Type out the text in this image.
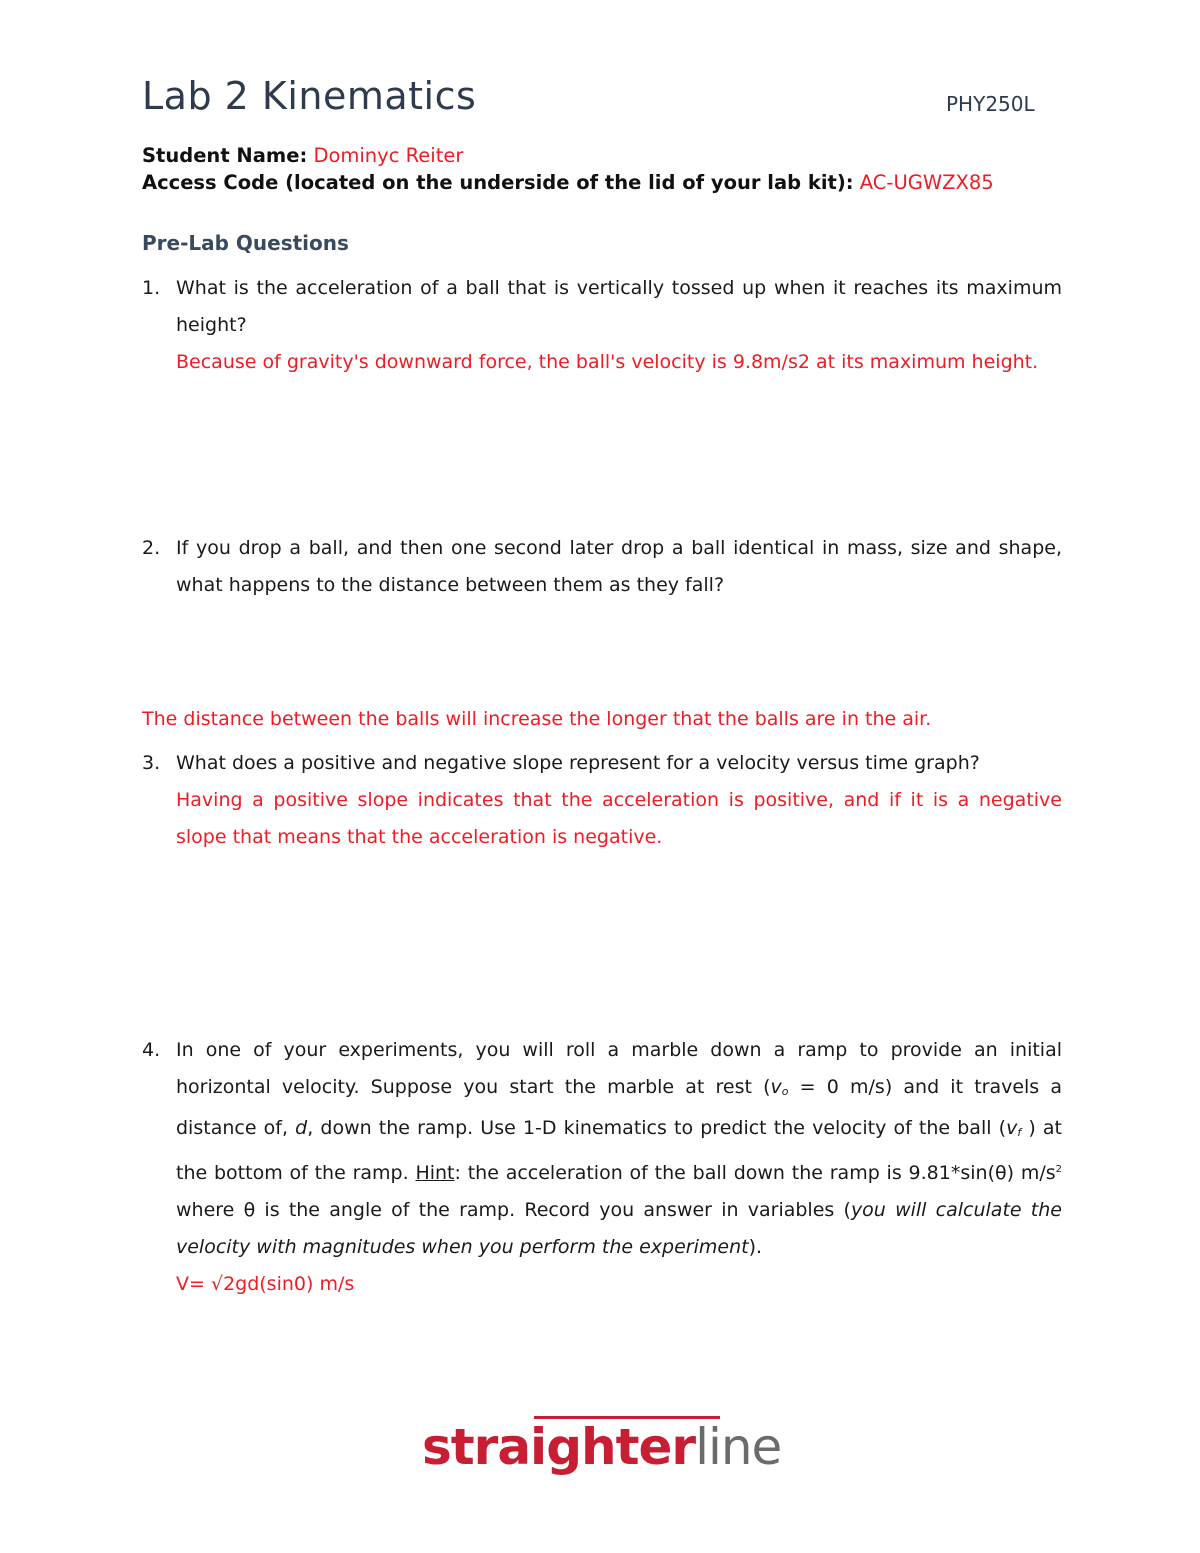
Lab 2 Kinematics	PHY250L
Student Name: Dominyc Reiter
Access Code (located on the underside of the lid of your lab kit): AC-UGWZX85
Pre-Lab Questions
1. What is the acceleration of a ball that is vertically tossed up when it reaches its maximum height?
Because of gravity's downward force, the ball's velocity is 9.8m/s2 at its maximum height.
2. If you drop a ball, and then one second later drop a ball identical in mass, size and shape, what happens to the distance between them as they fall?
The distance between the balls will increase the longer that the balls are in the air.
3. What does a positive and negative slope represent for a velocity versus time graph?
Having a positive slope indicates that the acceleration is positive, and if it is a negative slope that means that the acceleration is negative.
4. In one of your experiments, you will roll a marble down a ramp to provide an initial horizontal velocity. Suppose you start the marble at rest (vo = 0 m/s) and it travels a distance of, d, down the ramp. Use 1-D kinematics to predict the velocity of the ball (vf ) at the bottom of the ramp. Hint: the acceleration of the ball down the ramp is 9.81*sin(θ) $m/s^2$ where θ is the angle of the ramp. Record you answer in variables (you will calculate the velocity with magnitudes when you perform the experiment).
V= √2gd(sin0) m/s
straighterline
